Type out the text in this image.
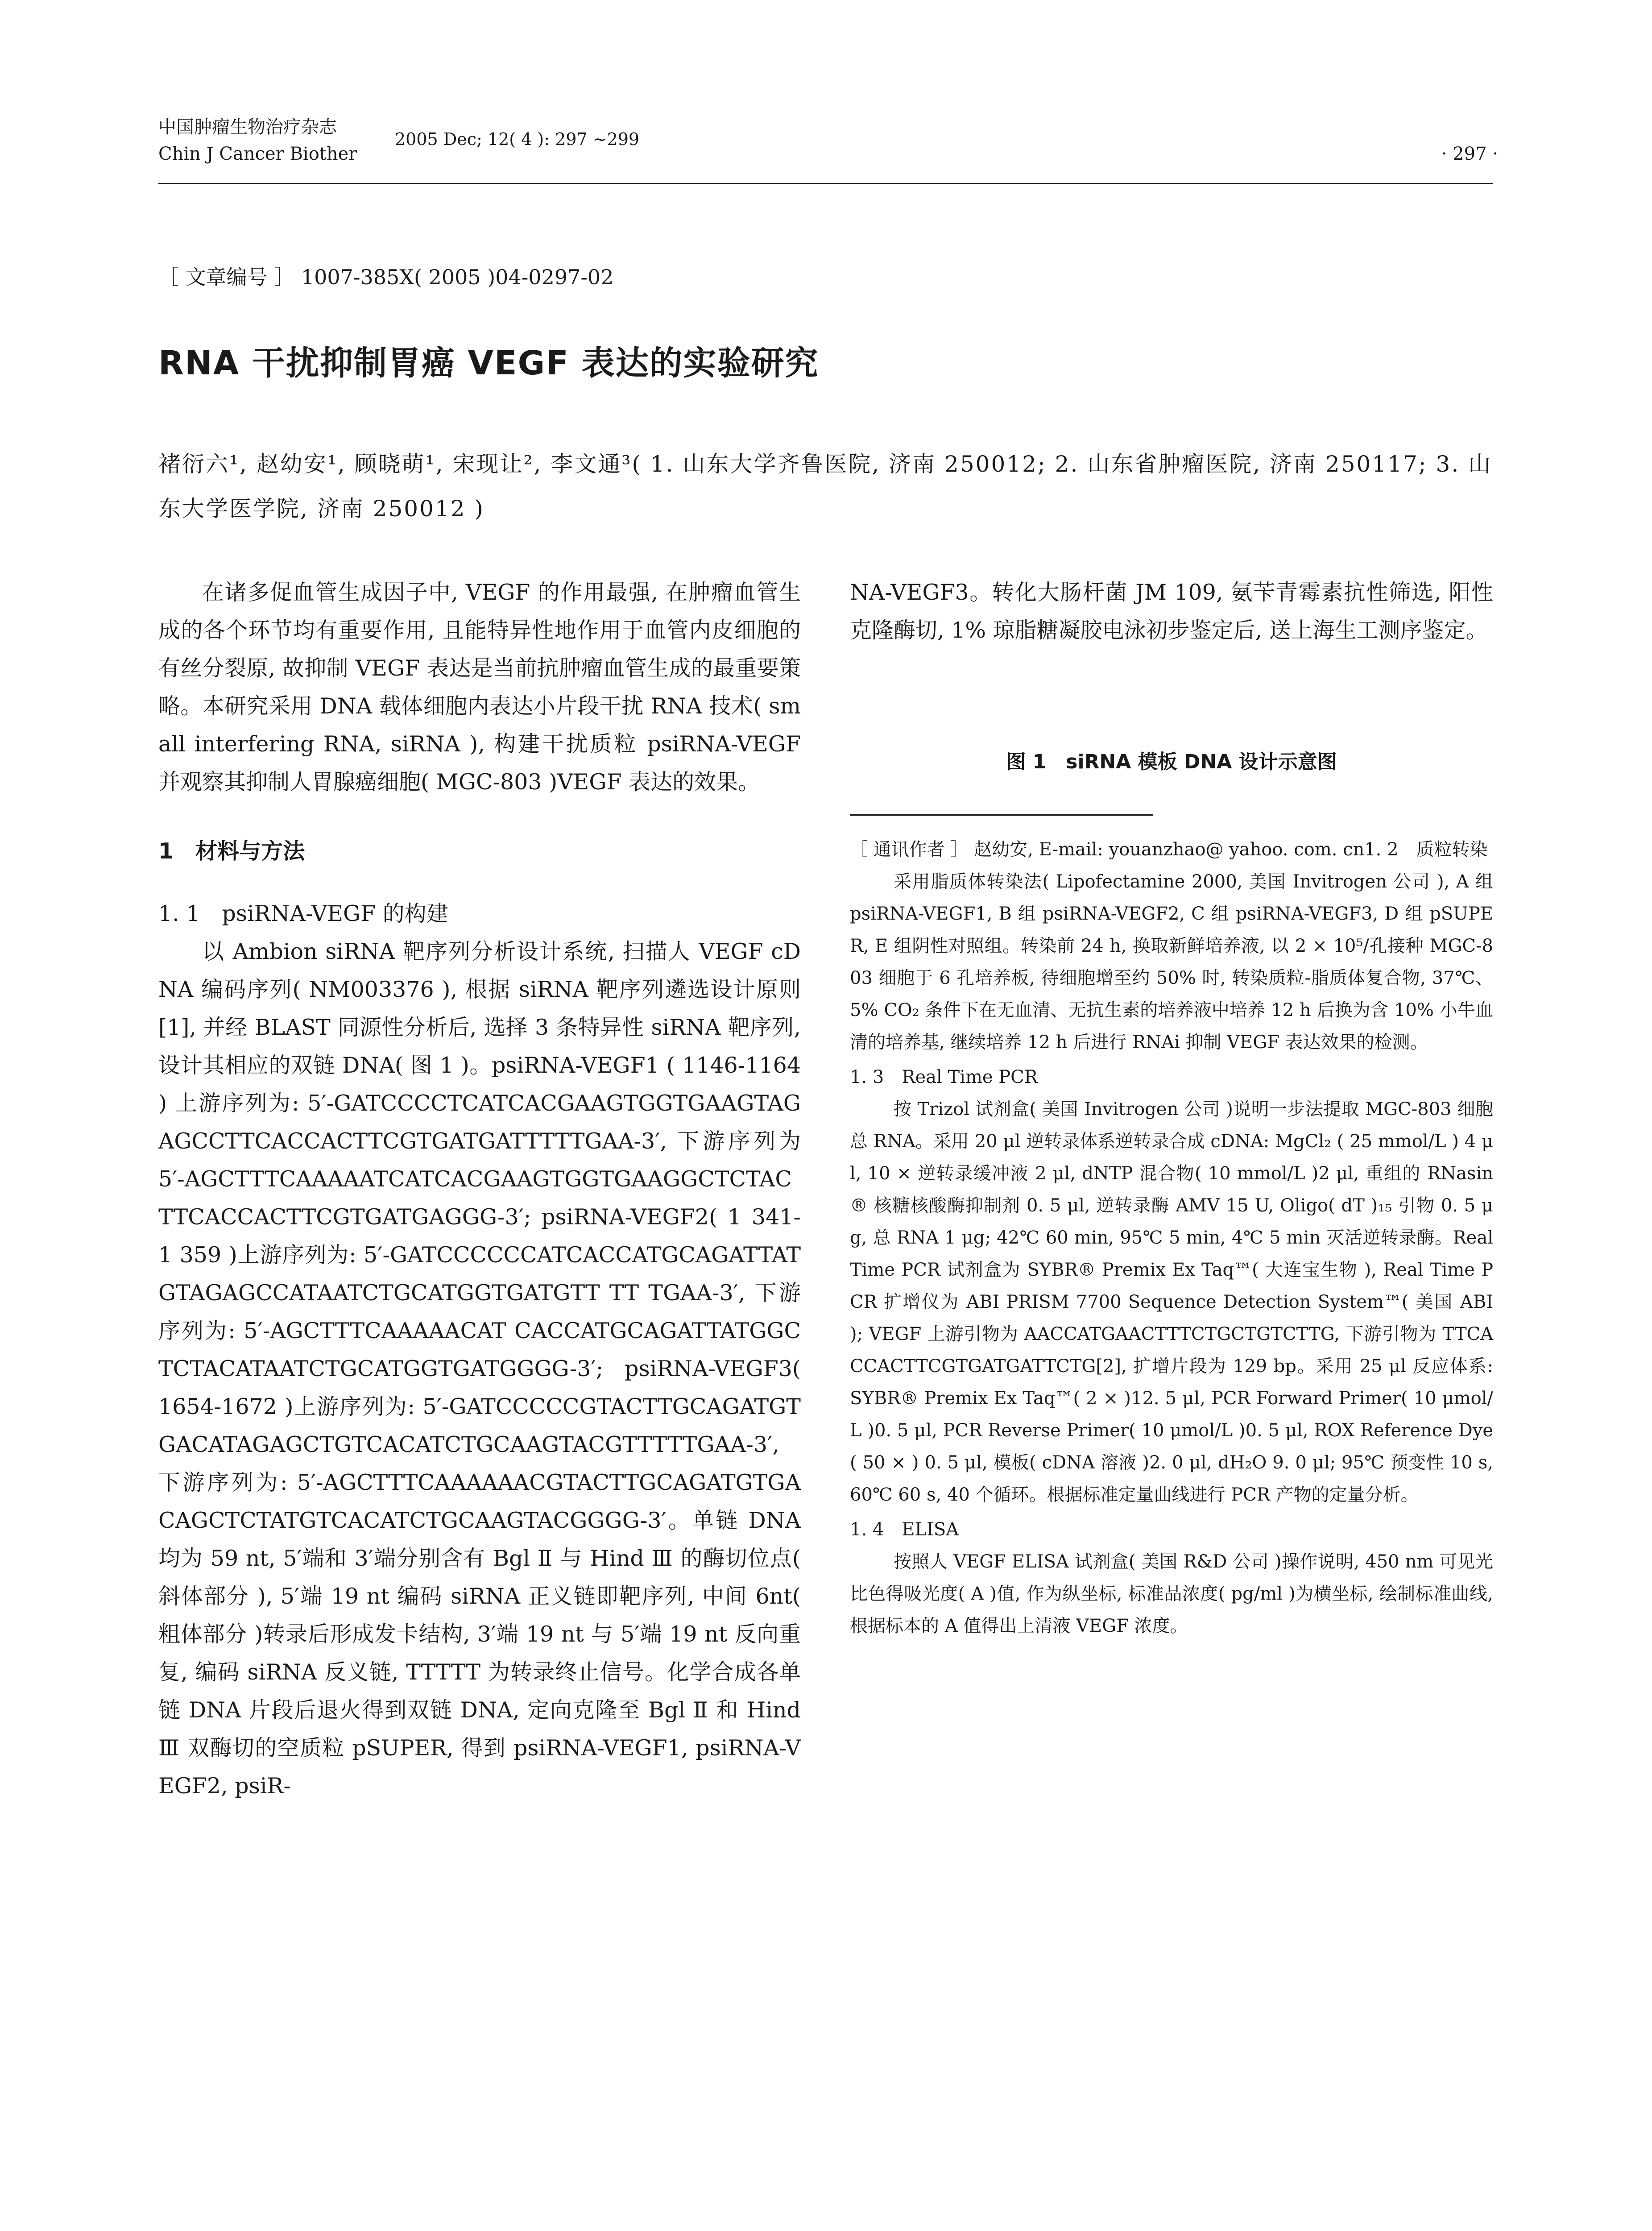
中国肿瘤生物治疗杂志
Chin J Cancer Biother
2005 Dec; 12( 4 ): 297 ~299
· 297 ·
［ 文章编号 ］ 1007-385X( 2005 )04-0297-02
RNA 干扰抑制胃癌 VEGF 表达的实验研究
褚衍六¹, 赵幼安¹, 顾晓萌¹, 宋现让², 李文通³( 1. 山东大学齐鲁医院, 济南 250012; 2. 山东省肿瘤医院, 济南 250117; 3. 山东大学医学院, 济南 250012 )

在诸多促血管生成因子中, VEGF 的作用最强, 在肿瘤血管生成的各个环节均有重要作用, 且能特异性地作用于血管内皮细胞的有丝分裂原, 故抑制 VEGF 表达是当前抗肿瘤血管生成的最重要策略。本研究采用 DNA 载体细胞内表达小片段干扰 RNA 技术( small interfering RNA, siRNA ), 构建干扰质粒 psiRNA-VEGF 并观察其抑制人胃腺癌细胞( MGC-803 )VEGF 表达的效果。

1　材料与方法

1. 1　psiRNA-VEGF 的构建

以 Ambion siRNA 靶序列分析设计系统, 扫描人 VEGF cDNA 编码序列( NM003376 ), 根据 siRNA 靶序列遴选设计原则[1], 并经 BLAST 同源性分析后, 选择 3 条特异性 siRNA 靶序列, 设计其相应的双链 DNA( 图 1 )。psiRNA-VEGF1 ( 1146-1164 ) 上游序列为: 5′-GATCCCCTCATCACGAAGTGGTGAAGTAGAGCCTTCACCACTTCGTGATGATTTTTGAA-3′, 下游序列为 5′-AGCTTTCAAAAATCATCACGAAGTGGTGAAGGCTCTACTTCACCACTTCGTGATGAGGG-3′; psiRNA-VEGF2( 1 341-1 359 )上游序列为: 5′-GATCCCCCCATCACCATGCAGATTATGTAGAGCCATAATCTGCATGGTGATGTT TT TGAA-3′, 下游序列为: 5′-AGCTTTCAAAAACAT CACCATGCAGATTATGGCTCTACATAATCTGCATGGTGATGGGG-3′; psiRNA-VEGF3( 1654-1672 )上游序列为: 5′-GATCCCCCGTACTTGCAGATGTGACATAGAGCTGTCACATCTGCAAGTACGTTTTTGAA-3′, 下游序列为: 5′-AGCTTTCAAAAAACGTACTTGCAGATGTGACAGCTCTATGTCACATCTGCAAGTACGGGG-3′。单链 DNA 均为 59 nt, 5′端和 3′端分别含有 Bgl Ⅱ 与 Hind Ⅲ 的酶切位点( 斜体部分 ), 5′端 19 nt 编码 siRNA 正义链即靶序列, 中间 6nt( 粗体部分 )转录后形成发卡结构, 3′端 19 nt 与 5′端 19 nt 反向重复, 编码 siRNA 反义链, TTTTT 为转录终止信号。化学合成各单链 DNA 片段后退火得到双链 DNA, 定向克隆至 Bgl Ⅱ 和 Hind Ⅲ 双酶切的空质粒 pSUPER, 得到 psiRNA-VEGF1, psiRNA-VEGF2, psiR-

NA-VEGF3。转化大肠杆菌 JM 109, 氨苄青霉素抗性筛选, 阳性克隆酶切, 1% 琼脂糖凝胶电泳初步鉴定后, 送上海生工测序鉴定。

图 1　siRNA 模板 DNA 设计示意图

［ 通讯作者 ］ 赵幼安, E-mail: youanzhao@ yahoo. com. cn1. 2　质粒转染

采用脂质体转染法( Lipofectamine 2000, 美国 Invitrogen 公司 ), A 组 psiRNA-VEGF1, B 组 psiRNA-VEGF2, C 组 psiRNA-VEGF3, D 组 pSUPER, E 组阴性对照组。转染前 24 h, 换取新鲜培养液, 以 2 × 10⁵/孔接种 MGC-803 细胞于 6 孔培养板, 待细胞增至约 50% 时, 转染质粒-脂质体复合物, 37℃、5% CO₂ 条件下在无血清、无抗生素的培养液中培养 12 h 后换为含 10% 小牛血清的培养基, 继续培养 12 h 后进行 RNAi 抑制 VEGF 表达效果的检测。

1. 3　Real Time PCR

按 Trizol 试剂盒( 美国 Invitrogen 公司 )说明一步法提取 MGC-803 细胞总 RNA。采用 20 μl 逆转录体系逆转录合成 cDNA: MgCl₂ ( 25 mmol/L ) 4 μl, 10 × 逆转录缓冲液 2 μl, dNTP 混合物( 10 mmol/L )2 μl, 重组的 RNasin® 核糖核酸酶抑制剂 0. 5 μl, 逆转录酶 AMV 15 U, Oligo( dT )₁₅ 引物 0. 5 μg, 总 RNA 1 μg; 42℃ 60 min, 95℃ 5 min, 4℃ 5 min 灭活逆转录酶。Real Time PCR 试剂盒为 SYBR® Premix Ex Taq™( 大连宝生物 ), Real Time PCR 扩增仪为 ABI PRISM 7700 Sequence Detection System™( 美国 ABI ); VEGF 上游引物为 AACCATGAACTTTCTGCTGTCTTG, 下游引物为 TTCACCACTTCGTGATGATTCTG[2], 扩增片段为 129 bp。采用 25 μl 反应体系: SYBR® Premix Ex Taq™( 2 × )12. 5 μl, PCR Forward Primer( 10 μmol/L )0. 5 μl, PCR Reverse Primer( 10 μmol/L )0. 5 μl, ROX Reference Dye( 50 × ) 0. 5 μl, 模板( cDNA 溶液 )2. 0 μl, dH₂O 9. 0 μl; 95℃ 预变性 10 s, 60℃ 60 s, 40 个循环。根据标准定量曲线进行 PCR 产物的定量分析。

1. 4　ELISA

按照人 VEGF ELISA 试剂盒( 美国 R&D 公司 )操作说明, 450 nm 可见光比色得吸光度( A )值, 作为纵坐标, 标准品浓度( pg/ml )为横坐标, 绘制标准曲线, 根据标本的 A 值得出上清液 VEGF 浓度。
